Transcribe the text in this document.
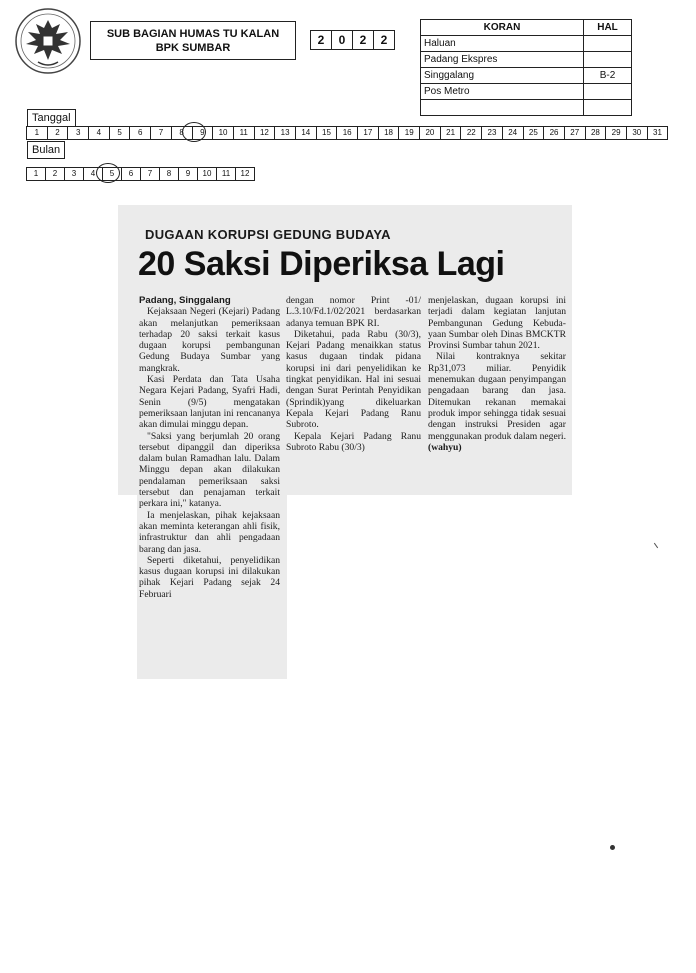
SUB BAGIAN HUMAS TU KALAN
BPK SUMBAR
2	0	2	2
KORAN	HAL
Haluan	
Padang Ekspres	
Singgalang	B-2
Pos Metro	

Tanggal
1	2	3	4	5	6	7	8	9	10	11	12	13	14	15	16	17	18	19	20	21	22	23	24	25	26	27	28	29	30	31
Bulan
1	2	3	4	5	6	7	8	9	10	11	12
DUGAAN KORUPSI GEDUNG BUDAYA
20 Saksi Diperiksa Lagi
Padang, Singgalang

Kejaksaan Negeri (Kejari) Padang akan melanjutkan pemeriksaan terhadap 20 saksi terkait kasus dugaan korupsi pembangunan Gedung Budaya Sumbar yang mangkrak.

Kasi Perdata dan Tata Usaha Negara Kejari Padang, Syafri Hadi, Senin (9/5) mengatakan pemeriksaan lanjutan ini rencananya akan dimulai minggu depan.

"Saksi yang berjumlah 20 orang tersebut dipanggil dan diperiksa dalam bulan Ramadhan lalu. Dalam Minggu depan akan dilakukan pendalaman pemeriksaan saksi tersebut dan penajaman terkait perkara ini," katanya.

Ia menjelaskan, pihak kejaksaan akan meminta keterangan ahli fisik, infrastruktur dan ahli pengadaan barang dan jasa.

Seperti diketahui, penyelidikan kasus dugaan korupsi ini dilakukan pihak Kejari Padang sejak 24 Februari

dengan nomor Print -01/ L.3.10/Fd.1/02/2021 berdasarkan adanya temuan BPK RI.

Diketahui, pada Rabu (30/3), Kejari Padang menaikkan status kasus dugaan tindak pidana korupsi ini dari penyelidikan ke tingkat penyidikan. Hal ini sesuai dengan Surat Perintah Penyidikan (Sprindik)yang dikeluarkan Kepala Kejari Padang Ranu Subroto.

Kepala Kejari Padang Ranu Subroto Rabu (30/3)

menjelaskan, dugaan korupsi ini terjadi dalam kegiatan lanjutan Pembangunan Gedung Kebuda-yaan Sumbar oleh Dinas BMCKTR Provinsi Sumbar tahun 2021.

Nilai kontraknya sekitar Rp31,073 miliar. Penyidik menemukan dugaan penyimpangan pengadaan barang dan jasa. Ditemukan rekanan memakai produk impor sehingga tidak sesuai dengan instruksi Presiden agar menggunakan produk dalam negeri. (wahyu)
